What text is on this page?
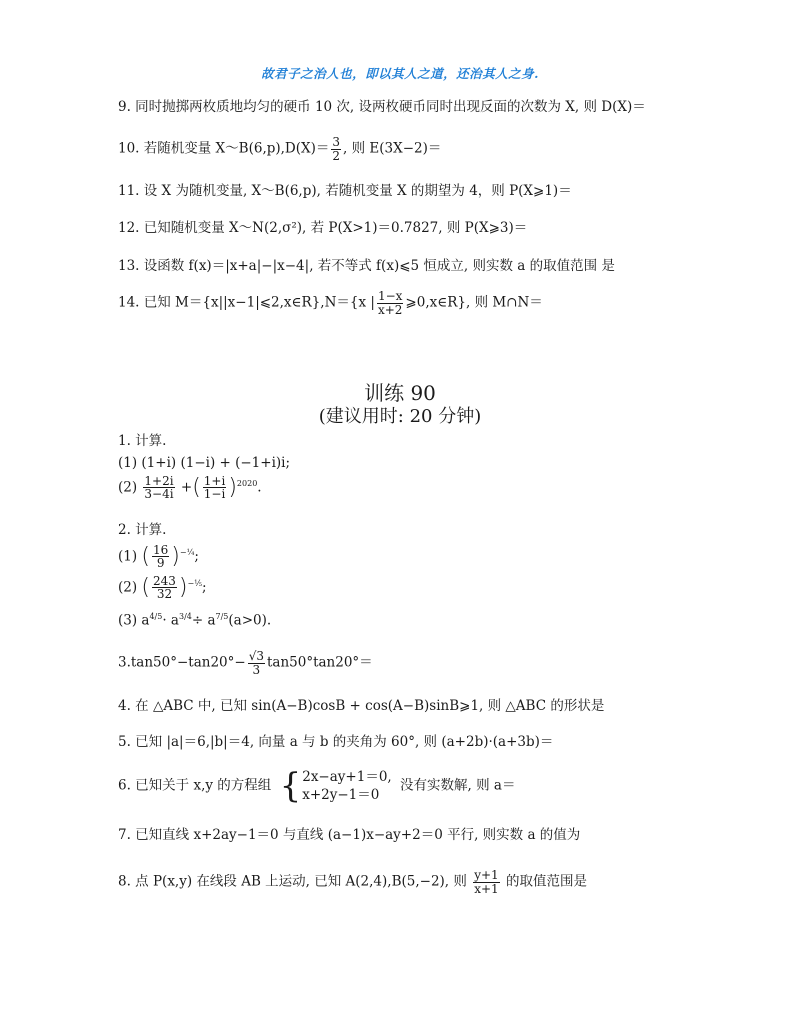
故君子之治人也，即以其人之道，还治其人之身.
9. 同时抛掷两枚质地均匀的硬币 10 次, 设两枚硬币同时出现反面的次数为 X, 则 D(X)＝
10. 若随机变量 X～B(6,p),D(X)＝ $\frac{3}{2}$ , 则 E(3X−2)＝
11. 设 X 为随机变量, X～B(6,p), 若随机变量 X 的期望为 4，则 P(X⩾1)＝
12. 已知随机变量 X～N(2,σ²), 若 P(X>1)＝0.7827, 则 P(X⩾3)＝
13. 设函数 f(x)＝|x+a|−|x−4|, 若不等式 f(x)⩽5 恒成立, 则实数 a 的取值范围 是
14. 已知 M＝{x||x−1|⩽2,x∈R},N＝{x | $\frac{1-x}{x+2}$ ⩾0,x∈R}, 则 M∩N＝
训练 90
(建议用时: 20 分钟)
1. 计算.
(1) (1+i) (1−i) + (−1+i)i;
$(2) \frac{1+2i}{3-4i}$ +( $\frac{1+i}{1-i} )^{2020}$.
2. 计算.
(1) ( $\frac{16}{9} )^{-\frac{1}{4}}$;
(2) ( $\frac{243}{32} )^{-\frac{1}{5}}$;
(3) $a^{4/5}\cdot a^{3/4}\div a^{7/5}(a>0)$.
$3.\tan 50^\circ-\tan 20^\circ- \frac{√3}{3} \tan 50^\circ\tan 20^\circ=$
4. 在 △ABC 中, 已知 sin(A−B)cosB + cos(A−B)sinB⩾1, 则 △ABC 的形状是
5. 已知 |a|＝6,|b|＝4, 向量 a 与 b 的夹角为 60°, 则 (a+2b)·(a+3b)＝
6. 已知关于 x,y 的方程组 { 2x−ay+1＝0,
x+2y−1＝0
没有实数解, 则 a＝
7. 已知直线 x+2ay−1＝0 与直线 (a−1)x−ay+2＝0 平行, 则实数 a 的值为
8. 点 P(x,y) 在线段 AB 上运动, 已知 A(2,4),B(5,−2), 则 $\frac{y+1}{x+1}$ 的取值范围是
